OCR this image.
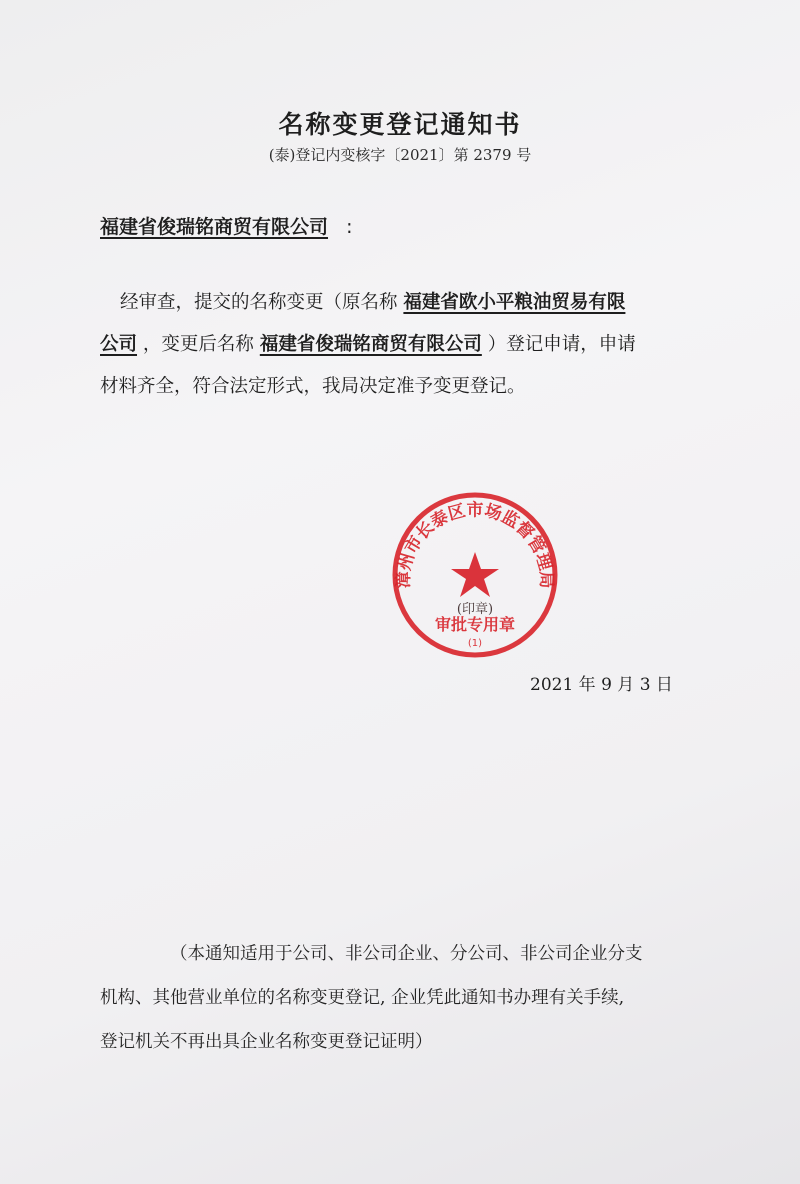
名称变更登记通知书
(泰)登记内变核字〔2021〕第 2379 号
福建省俊瑞铭商贸有限公司 :
经审查，提交的名称变更（原名称 福建省欧小平粮油贸易有限
公司 ，变更后名称 福建省俊瑞铭商贸有限公司 ）登记申请，申请
材料齐全，符合法定形式，我局决定准予变更登记。
漳州市长泰区市场监督管理局
(印章)
审批专用章
(1)
2021 年 9 月 3 日
（本通知适用于公司、非公司企业、分公司、非公司企业分支
机构、其他营业单位的名称变更登记, 企业凭此通知书办理有关手续,
登记机关不再出具企业名称变更登记证明）
